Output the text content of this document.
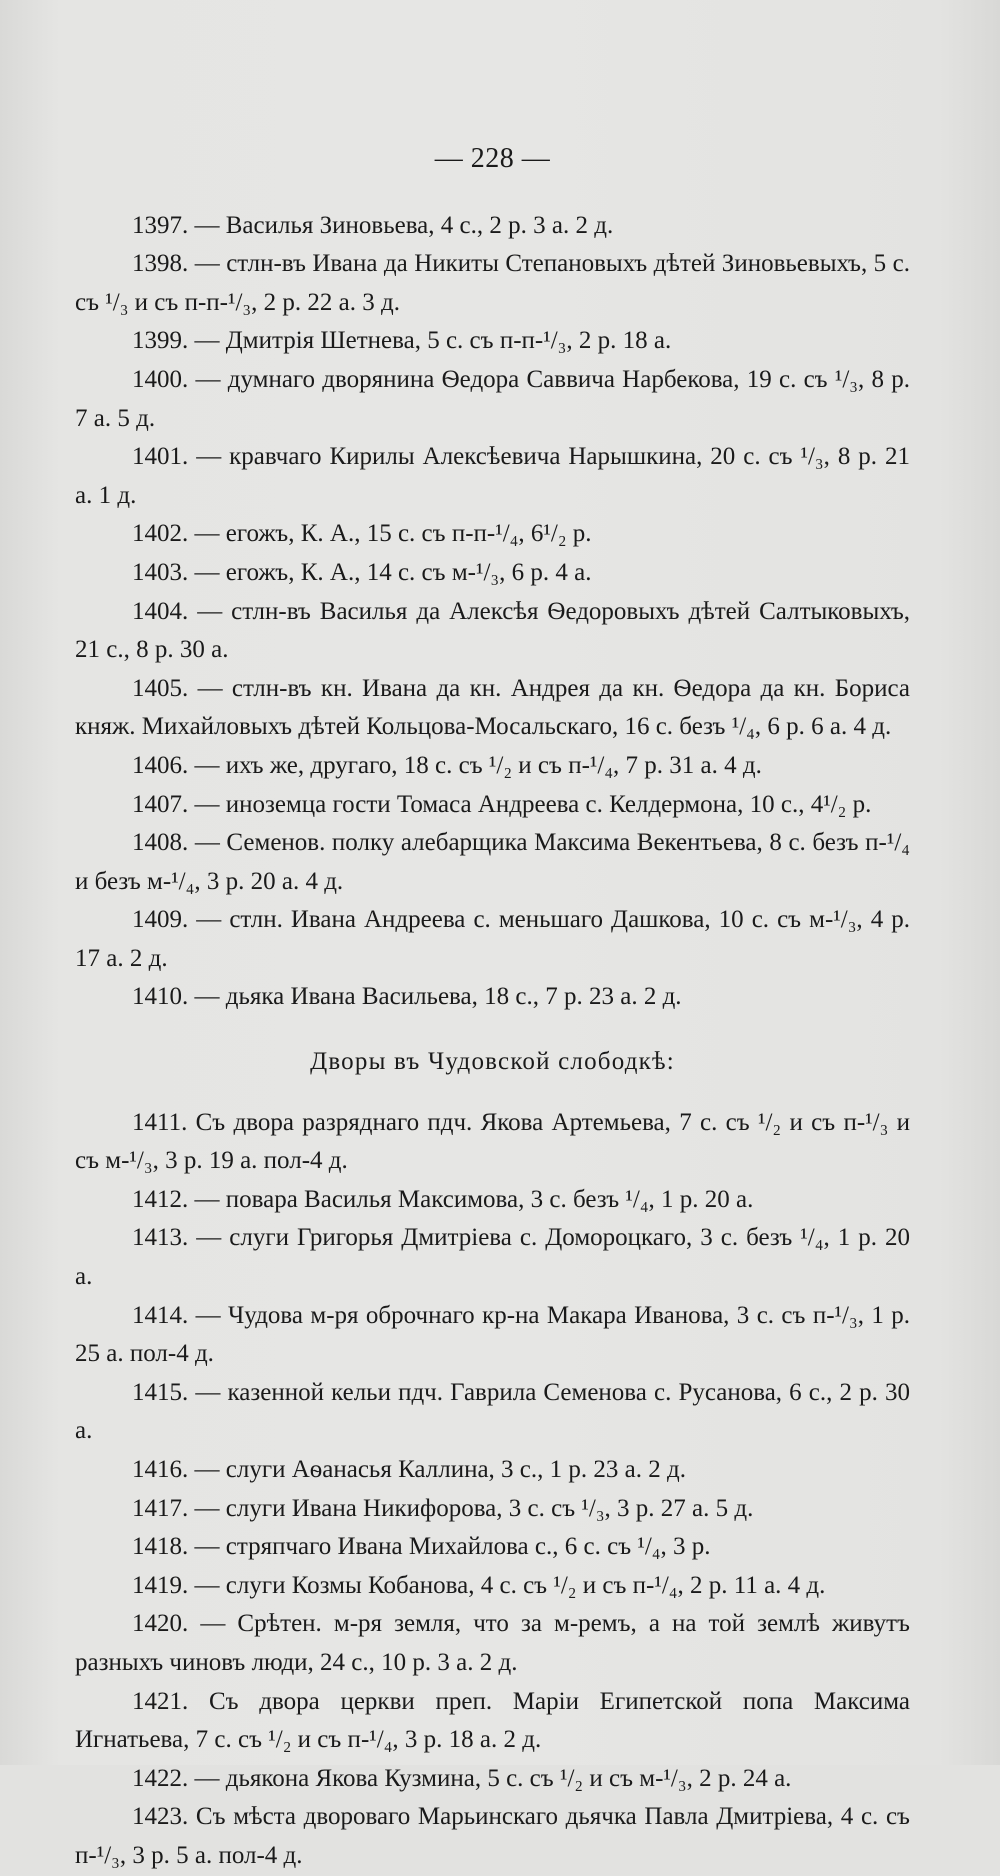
— 228 —

1397. — Василья Зиновьева, 4 с., 2 р. 3 а. 2 д.

1398. — стлн-въ Ивана да Никиты Степановыхъ дѣтей Зиновьевыхъ, 5 с. съ ¹/₃ и съ п-п-¹/₃, 2 р. 22 а. 3 д.

1399. — Дмитрія Шетнева, 5 с. съ п-п-¹/₃, 2 р. 18 а.

1400. — думнаго дворянина Ѳедора Саввича Нарбекова, 19 с. съ ¹/₃, 8 р. 7 а. 5 д.

1401. — кравчаго Кирилы Алексѣевича Нарышкина, 20 с. съ ¹/₃, 8 р. 21 а. 1 д.

1402. — егожъ, К. А., 15 с. съ п-п-¹/₄, 6¹/₂ р.

1403. — егожъ, К. А., 14 с. съ м-¹/₃, 6 р. 4 а.

1404. — стлн-въ Василья да Алексѣя Ѳедоровыхъ дѣтей Салтыковыхъ, 21 с., 8 р. 30 а.

1405. — стлн-въ кн. Ивана да кн. Андрея да кн. Ѳедора да кн. Бориса княж. Михайловыхъ дѣтей Кольцова-Мосальскаго, 16 с. безъ ¹/₄, 6 р. 6 а. 4 д.

1406. — ихъ же, другаго, 18 с. съ ¹/₂ и съ п-¹/₄, 7 р. 31 а. 4 д.

1407. — иноземца гости Томаса Андреева с. Келдермона, 10 с., 4¹/₂ р.

1408. — Семенов. полку алебарщика Максима Векентьева, 8 с. безъ п-¹/₄ и безъ м-¹/₄, 3 р. 20 а. 4 д.

1409. — стлн. Ивана Андреева с. меньшаго Дашкова, 10 с. съ м-¹/₃, 4 р. 17 а. 2 д.

1410. — дьяка Ивана Васильева, 18 с., 7 р. 23 а. 2 д.

Дворы въ Чудовской слободкѣ:

1411. Съ двора разряднаго пдч. Якова Артемьева, 7 с. съ ¹/₂ и съ п-¹/₃ и съ м-¹/₃, 3 р. 19 а. пол-4 д.

1412. — повара Василья Максимова, 3 с. безъ ¹/₄, 1 р. 20 а.

1413. — слуги Григорья Дмитріева с. Домороцкаго, 3 с. безъ ¹/₄, 1 р. 20 а.

1414. — Чудова м-ря оброчнаго кр-на Макара Иванова, 3 с. съ п-¹/₃, 1 р. 25 а. пол-4 д.

1415. — казенной кельи пдч. Гаврила Семенова с. Русанова, 6 с., 2 р. 30 а.

1416. — слуги Аѳанасья Каллина, 3 с., 1 р. 23 а. 2 д.

1417. — слуги Ивана Никифорова, 3 с. съ ¹/₃, 3 р. 27 а. 5 д.

1418. — стряпчаго Ивана Михайлова с., 6 с. съ ¹/₄, 3 р.

1419. — слуги Козмы Кобанова, 4 с. съ ¹/₂ и съ п-¹/₄, 2 р. 11 а. 4 д.

1420. — Срѣтен. м-ря земля, что за м-ремъ, а на той землѣ живутъ разныхъ чиновъ люди, 24 с., 10 р. 3 а. 2 д.

1421. Съ двора церкви преп. Маріи Египетской попа Максима Игнатьева, 7 с. съ ¹/₂ и съ п-¹/₄, 3 р. 18 а. 2 д.

1422. — дьякона Якова Кузмина, 5 с. съ ¹/₂ и съ м-¹/₃, 2 р. 24 а.

1423. Съ мѣста двороваго Марьинскаго дьячка Павла Дмитріева, 4 с. съ п-¹/₃, 3 р. 5 а. пол-4 д.
